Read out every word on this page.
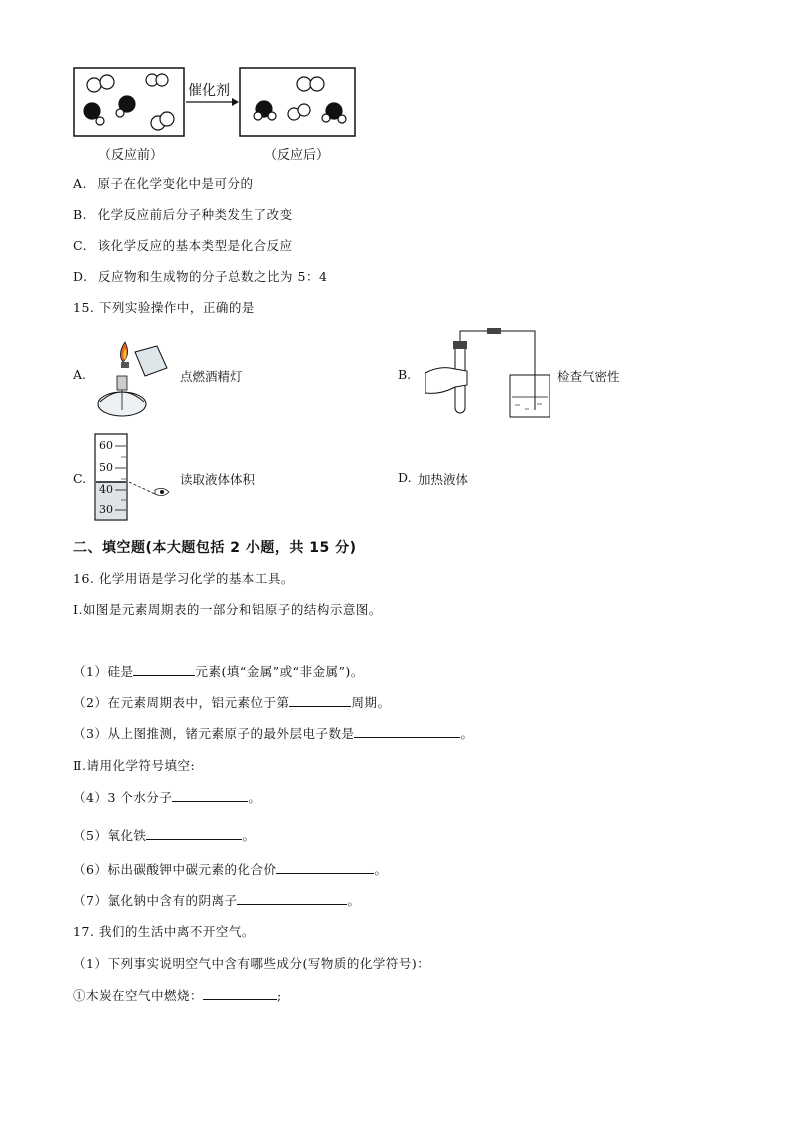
催化剂
（反应前）	（反应后）
A. 原子在化学变化中是可分的
B. 化学反应前后分子种类发生了改变
C. 该化学反应的基本类型是化合反应
D. 反应物和生成物的分子总数之比为 5：4
15. 下列实验操作中，正确的是
A.	点燃酒精灯	B.	检查气密性
C.
60
50
40
30
读取液体体积	D. 加热液体
二、填空题(本大题包括 2 小题，共 15 分)
16. 化学用语是学习化学的基本工具。
Ⅰ.如图是元素周期表的一部分和铝原子的结构示意图。
（1）硅是	元素(填“金属”或“非金属”)。
（2）在元素周期表中，铝元素位于第	周期。
（3）从上图推测，锗元素原子的最外层电子数是	。
Ⅱ.请用化学符号填空:
（4）3 个水分子	。
（5）氧化铁	。
（6）标出碳酸钾中碳元素的化合价	。
（7）氯化钠中含有的阴离子	。
17. 我们的生活中离不开空气。
（1）下列事实说明空气中含有哪些成分(写物质的化学符号)：
①木炭在空气中燃烧：	;
